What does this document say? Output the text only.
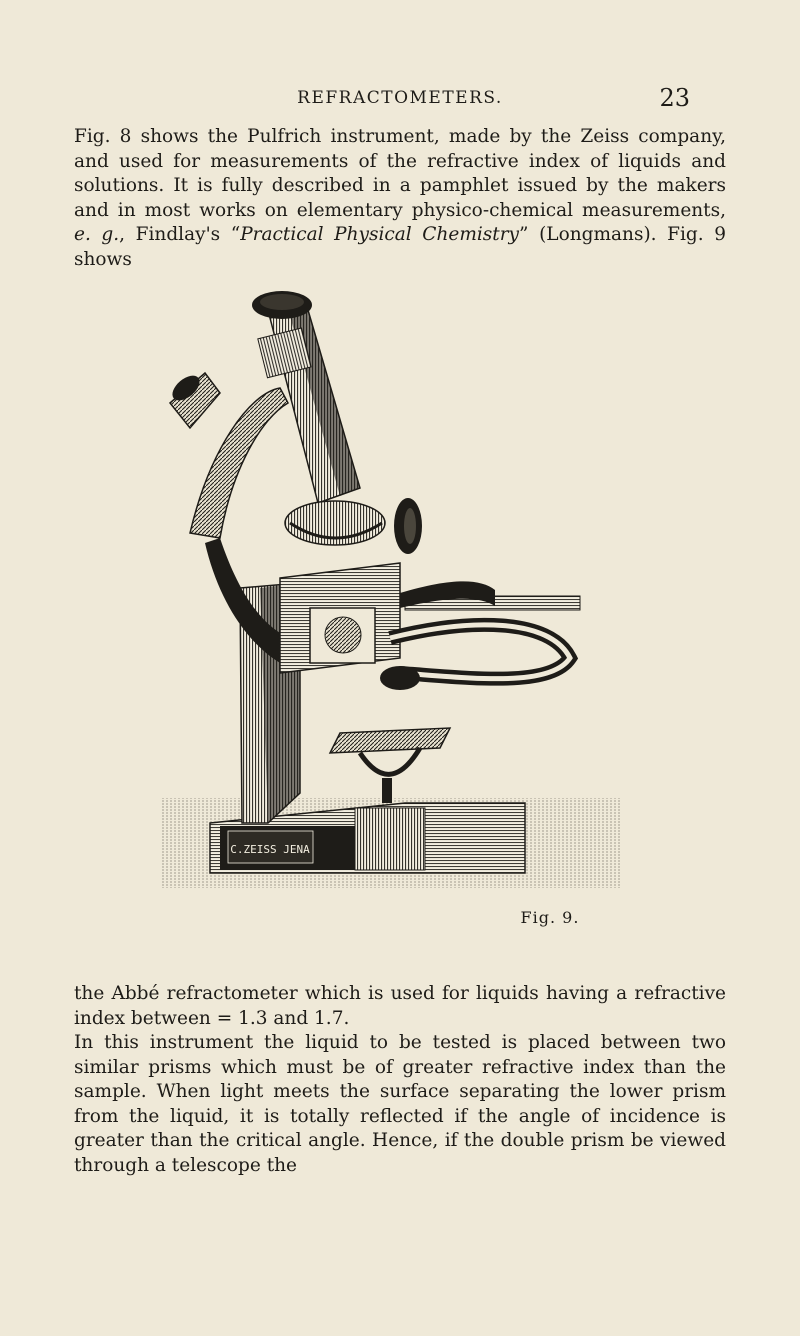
REFRACTOMETERS.	23

Fig. 8 shows the Pulfrich instrument, made by the Zeiss company, and used for measurements of the refractive index of liquids and solutions. It is fully described in a pamphlet issued by the makers and in most works on elementary physico-chemical measurements, e. g., Findlay's “Practical Physical Chemistry” (Longmans). Fig. 9 shows

C.ZEISS JENA
Fig. 9.

the Abbé refractometer which is used for liquids having a refractive index between = 1.3 and 1.7.

In this instrument the liquid to be tested is placed between two similar prisms which must be of greater refractive index than the sample. When light meets the surface separating the lower prism from the liquid, it is totally reflected if the angle of incidence is greater than the critical angle. Hence, if the double prism be viewed through a telescope the
